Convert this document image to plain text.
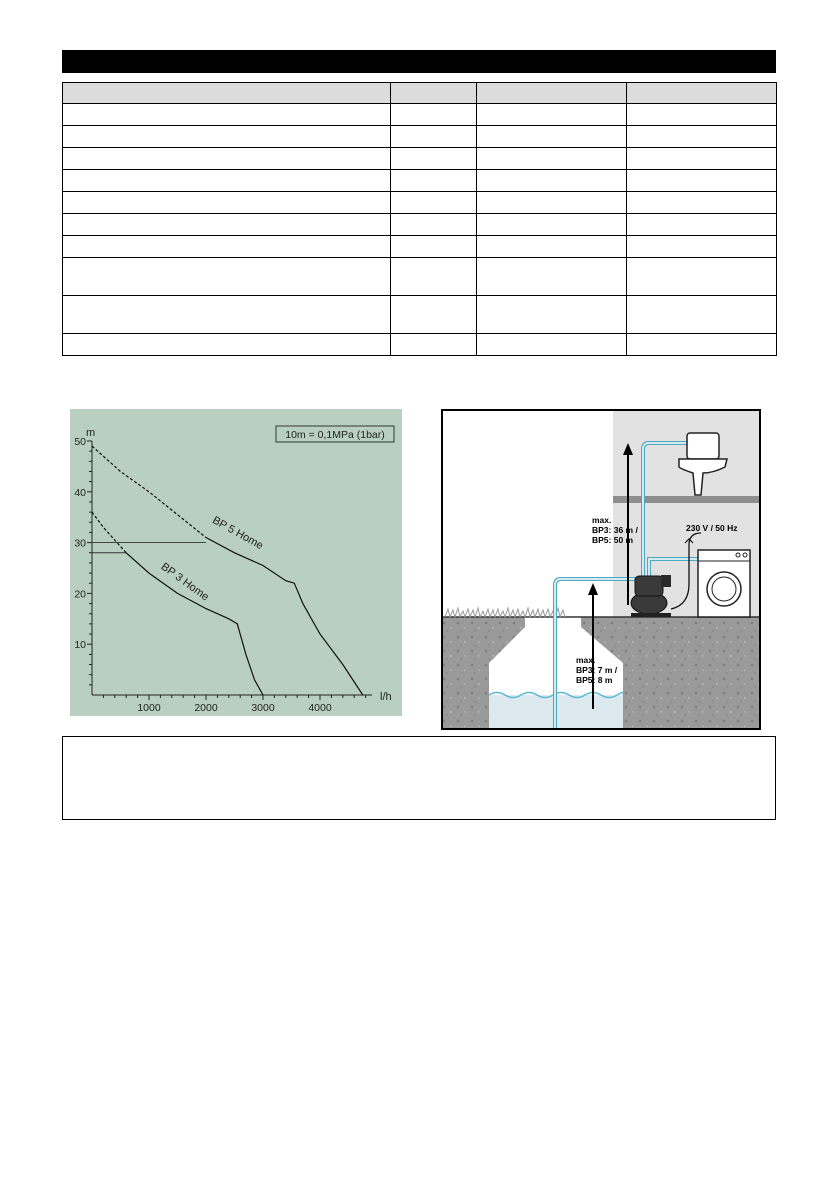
m
l/h
10
20
30
40
50
1000	2000	3000	4000
BP 5 Home
BP 3 Home
10m = 0,1MPa (1bar)
max.
BP3: 36 m /
BP5: 50 m
230 V / 50 Hz
max.
BP3: 7 m /
BP5: 8 m
